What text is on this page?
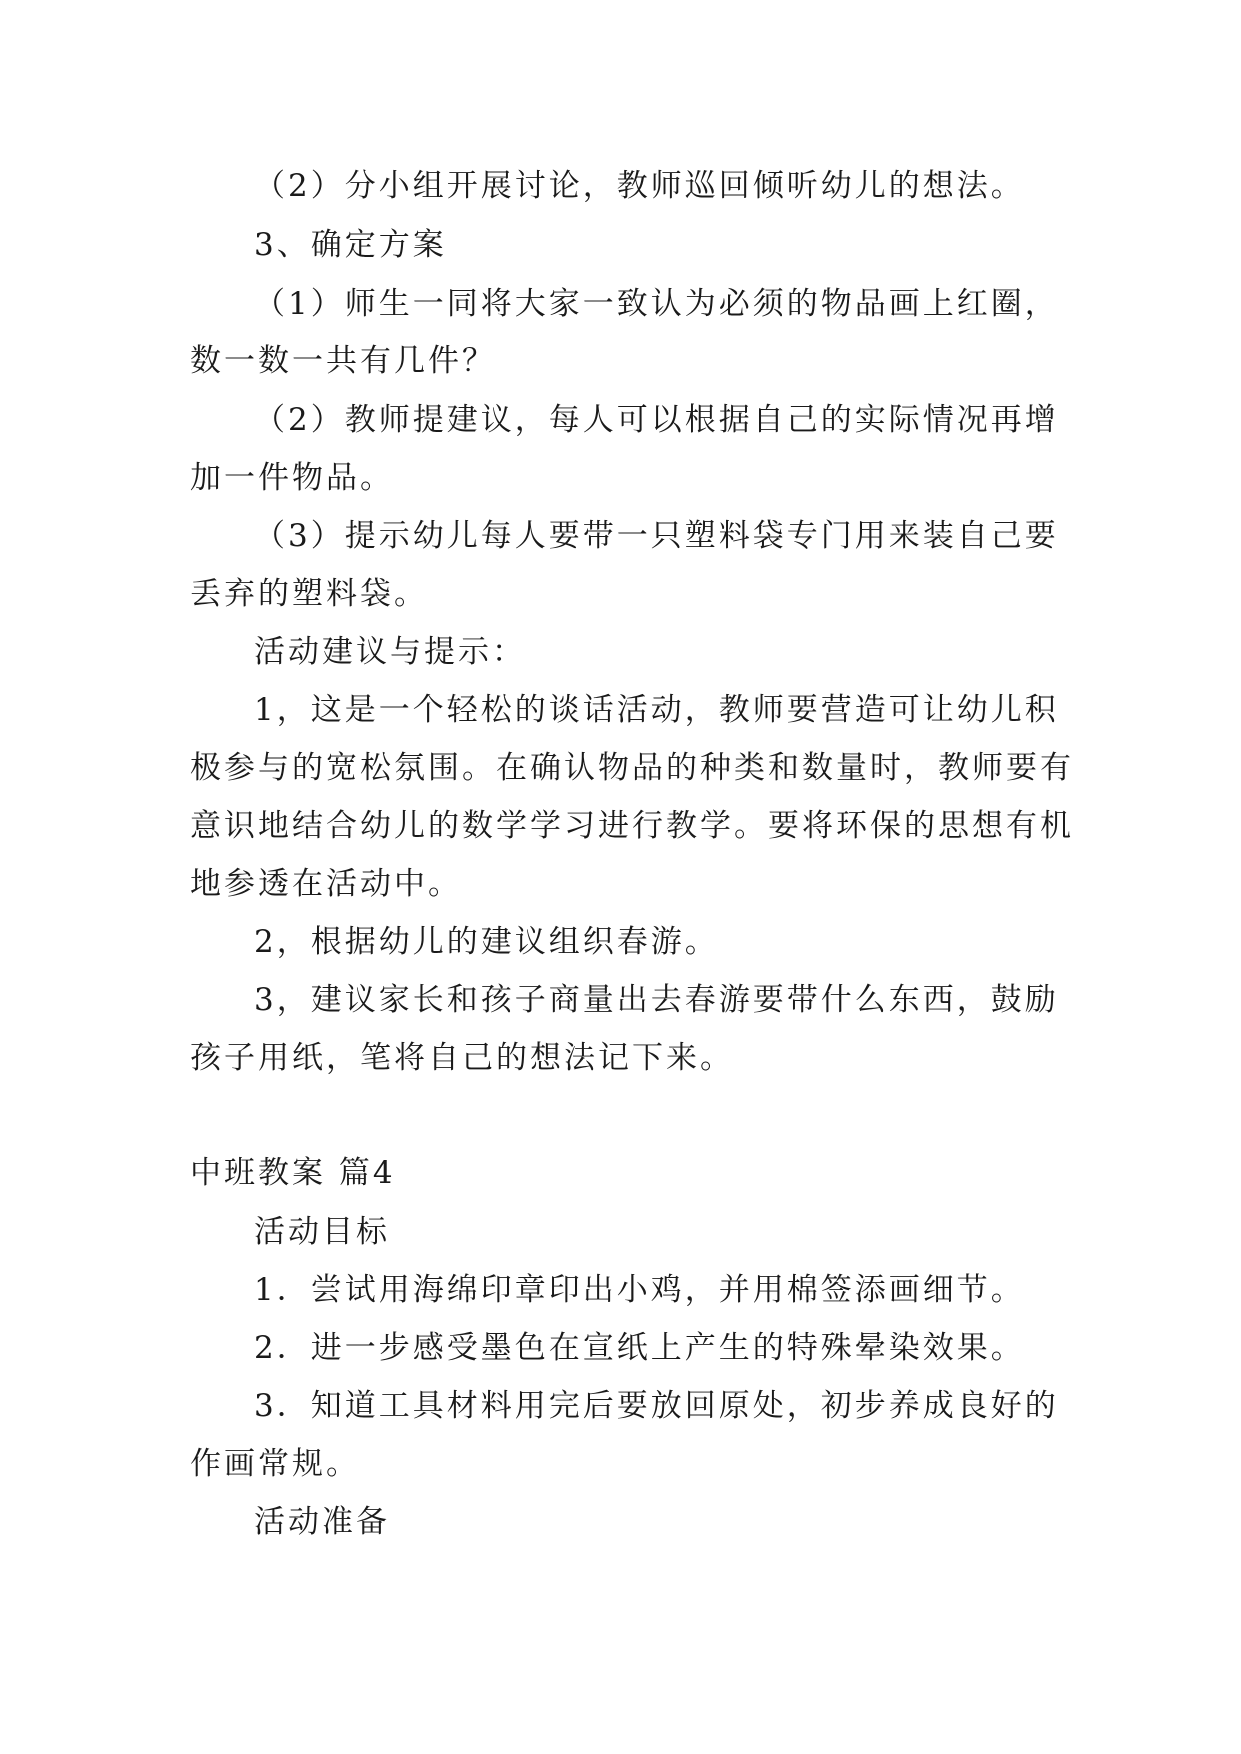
（2）分小组开展讨论，教师巡回倾听幼儿的想法。
3、确定方案
（1）师生一同将大家一致认为必须的物品画上红圈，
数一数一共有几件？
（2）教师提建议，每人可以根据自己的实际情况再增
加一件物品。
（3）提示幼儿每人要带一只塑料袋专门用来装自己要
丢弃的塑料袋。
活动建议与提示：
1，这是一个轻松的谈话活动，教师要营造可让幼儿积
极参与的宽松氛围。在确认物品的种类和数量时，教师要有
意识地结合幼儿的数学学习进行教学。要将环保的思想有机
地参透在活动中。
2，根据幼儿的建议组织春游。
3，建议家长和孩子商量出去春游要带什么东西，鼓励
孩子用纸，笔将自己的想法记下来。
中班教案 篇4
活动目标
1．尝试用海绵印章印出小鸡，并用棉签添画细节。
2．进一步感受墨色在宣纸上产生的特殊晕染效果。
3．知道工具材料用完后要放回原处，初步养成良好的
作画常规。
活动准备
